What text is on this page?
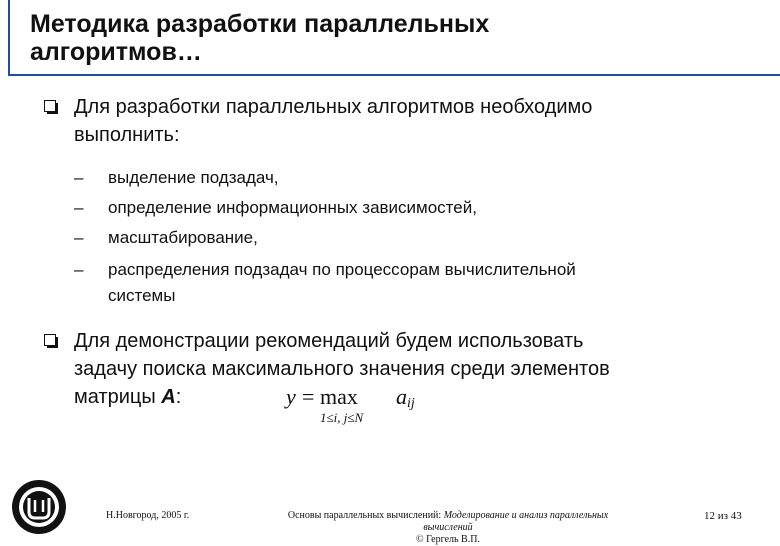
Методика разработки параллельных
алгоритмов…

Для разработки параллельных алгоритмов необходимо

выполнить:

– выделение подзадач,
– определение информационных зависимостей,
– масштабирование,
– распределения подзадач по процессорам вычислительной
системы

Для демонстрации рекомендаций будем использовать

задачу поиска максимального значения среди элементов

матрицы A:	y = max
1≤i, j≤N
a ij
Н.Новгород, 2005 г.	Основы параллельных вычислений: Моделирование и анализ параллельных
вычислений
© Гергель В.П.
12 из 43
